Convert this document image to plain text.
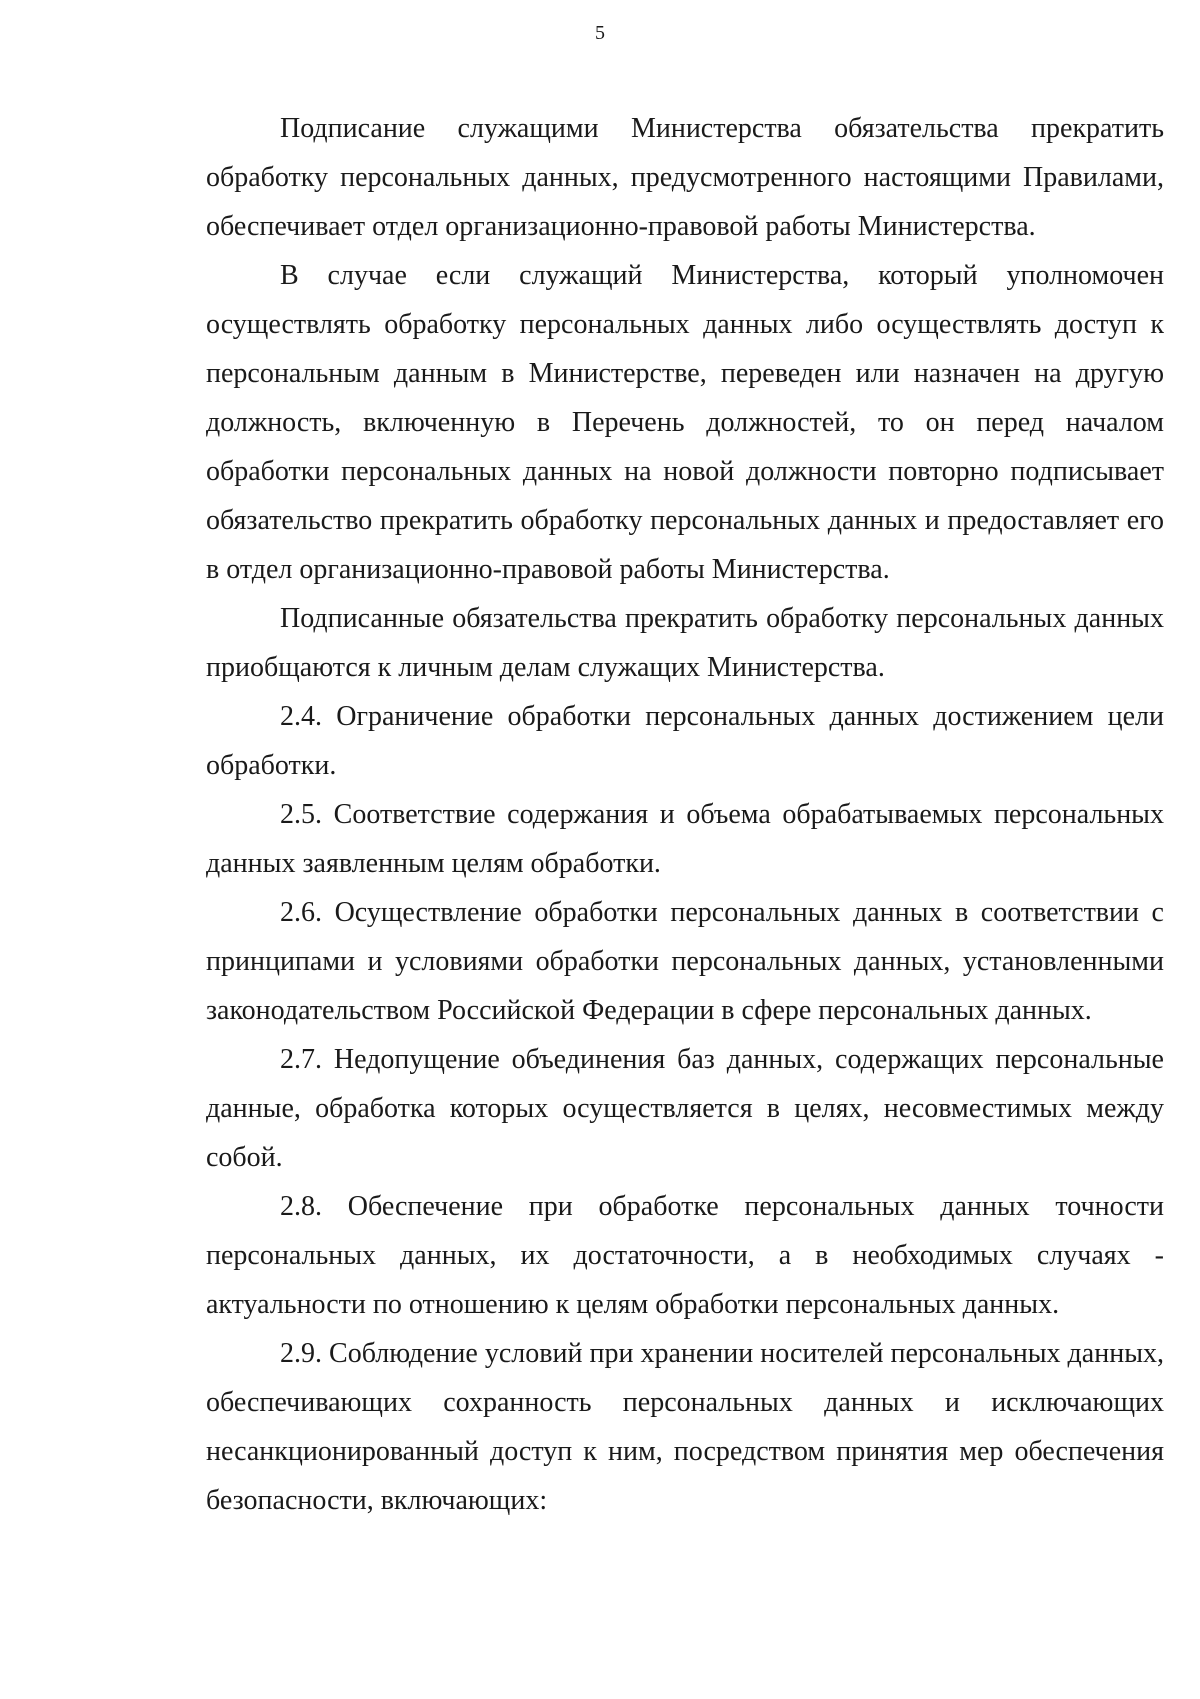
5

Подписание служащими Министерства обязательства прекратить обработку персональных данных, предусмотренного настоящими Правилами, обеспечивает отдел организационно-правовой работы Министерства.

В случае если служащий Министерства, который уполномочен осуществлять обработку персональных данных либо осуществлять доступ к персональным данным в Министерстве, переведен или назначен на другую должность, включенную в Перечень должностей, то он перед началом обработки персональных данных на новой должности повторно подписывает обязательство прекратить обработку персональных данных и предоставляет его в отдел организационно-правовой работы Министерства.

Подписанные обязательства прекратить обработку персональных данных приобщаются к личным делам служащих Министерства.

2.4. Ограничение обработки персональных данных достижением цели обработки.

2.5. Соответствие содержания и объема обрабатываемых персональных данных заявленным целям обработки.

2.6. Осуществление обработки персональных данных в соответствии с принципами и условиями обработки персональных данных, установленными законодательством Российской Федерации в сфере персональных данных.

2.7. Недопущение объединения баз данных, содержащих персональные данные, обработка которых осуществляется в целях, несовместимых между собой.

2.8. Обеспечение при обработке персональных данных точности персональных данных, их достаточности, а в необходимых случаях - актуальности по отношению к целям обработки персональных данных.

2.9. Соблюдение условий при хранении носителей персональных данных, обеспечивающих сохранность персональных данных и исключающих несанкционированный доступ к ним, посредством принятия мер обеспечения безопасности, включающих:
